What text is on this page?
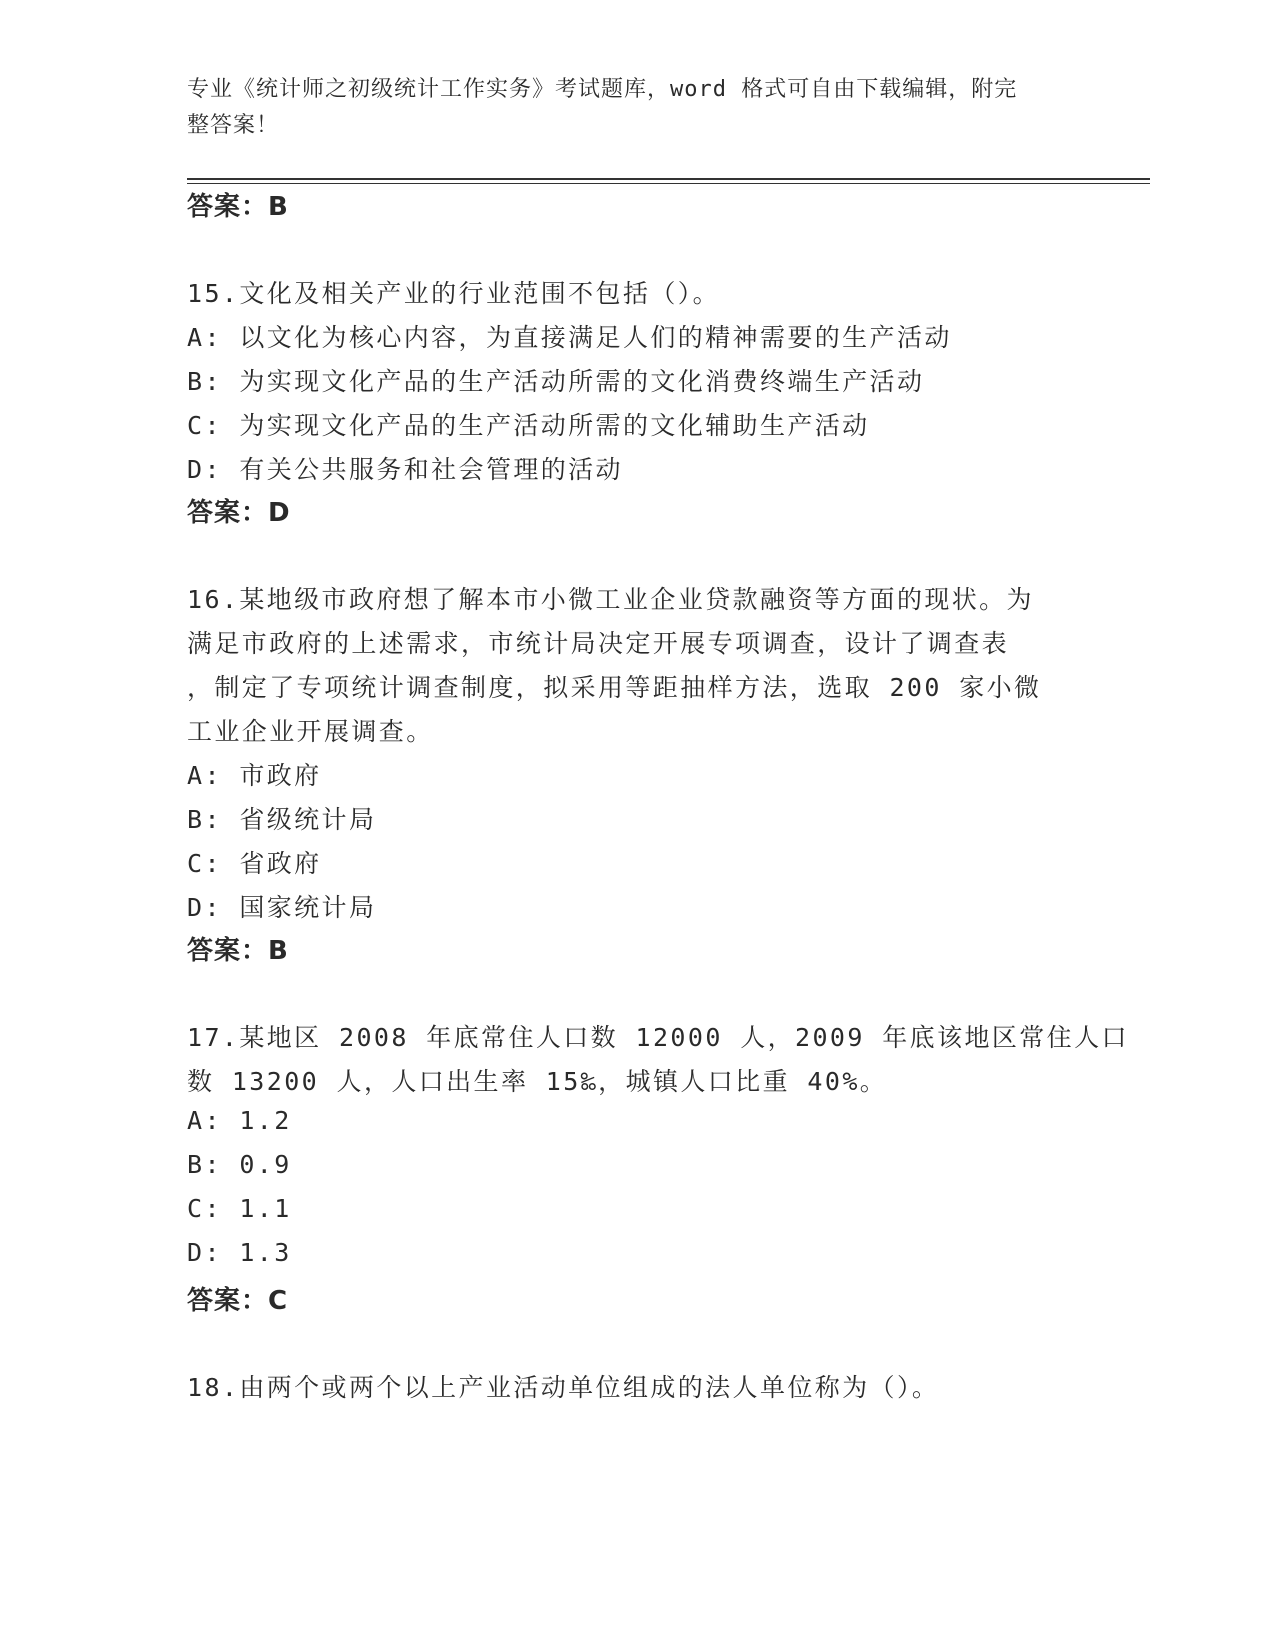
专业《统计师之初级统计工作实务》考试题库，word 格式可自由下载编辑，附完
整答案！
答案：B
15.文化及相关产业的行业范围不包括（）。
A: 以文化为核心内容，为直接满足人们的精神需要的生产活动
B: 为实现文化产品的生产活动所需的文化消费终端生产活动
C: 为实现文化产品的生产活动所需的文化辅助生产活动
D: 有关公共服务和社会管理的活动
答案：D
16.某地级市政府想了解本市小微工业企业贷款融资等方面的现状。为
满足市政府的上述需求，市统计局决定开展专项调查，设计了调查表
，制定了专项统计调查制度，拟采用等距抽样方法，选取 200 家小微
工业企业开展调查。
A: 市政府
B: 省级统计局
C: 省政府
D: 国家统计局
答案：B
17.某地区 2008 年底常住人口数 12000 人，2009 年底该地区常住人口
数 13200 人，人口出生率 15‰，城镇人口比重 40%。
A: 1.2
B: 0.9
C: 1.1
D: 1.3
答案：C
18.由两个或两个以上产业活动单位组成的法人单位称为（）。
